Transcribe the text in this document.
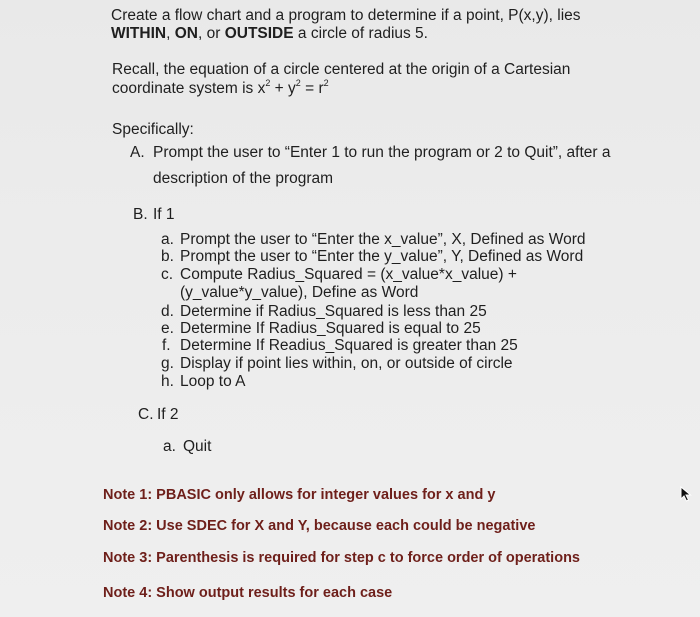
Create a flow chart and a program to determine if a point, P(x,y), lies
WITHIN, ON, or OUTSIDE a circle of radius 5.
Recall, the equation of a circle centered at the origin of a Cartesian
coordinate system is $x^2 + y^2 = r^2$
Specifically:
A. Prompt the user to “Enter 1 to run the program or 2 to Quit”, after a
description of the program
B. If 1
a. Prompt the user to “Enter the x_value”, X, Defined as Word
b. Prompt the user to “Enter the y_value”, Y, Defined as Word
c. Compute Radius_Squared = (x_value*x_value) +
(y_value*y_value), Define as Word
d. Determine if Radius_Squared is less than 25
e. Determine If Radius_Squared is equal to 25
f. Determine If Readius_Squared is greater than 25
g. Display if point lies within, on, or outside of circle
h. Loop to A
C. If 2
a. Quit
Note 1: PBASIC only allows for integer values for x and y
Note 2: Use SDEC for X and Y, because each could be negative
Note 3: Parenthesis is required for step c to force order of operations
Note 4: Show output results for each case
